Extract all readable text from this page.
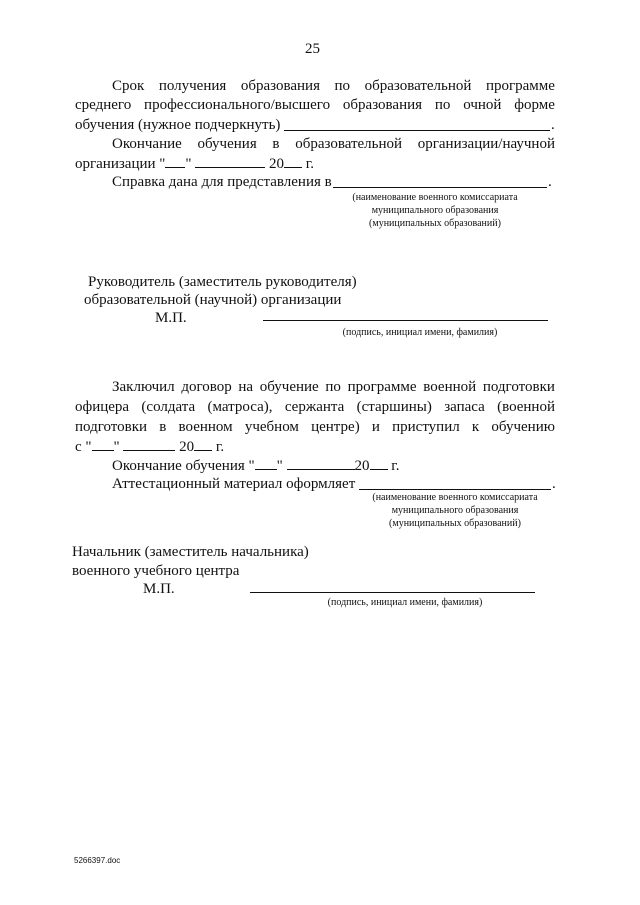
25
Срок получения образования по образовательной программе
среднего профессионального/высшего образования по очной форме
обучения (нужное подчеркнуть)	.
Окончание обучения в образовательной организации/научной
организации " "	20 г.
Справка дана для представления в	.
(наименование военного комиссариата
муниципального образования
(муниципальных образований)
Руководитель (заместитель руководителя)
образовательной (научной) организации
М.П.
(подпись, инициал имени, фамилия)
Заключил договор на обучение по программе военной подготовки
офицера (солдата (матроса), сержанта (старшины) запаса (военной
подготовки в военном учебном центре) и приступил к обучению
с " "	20 г.
Окончание обучения " "	20 г.
Аттестационный материал оформляет	.
(наименование военного комиссариата
муниципального образования
(муниципальных образований)
Начальник (заместитель начальника)
военного учебного центра
М.П.
(подпись, инициал имени, фамилия)
5266397.doc
